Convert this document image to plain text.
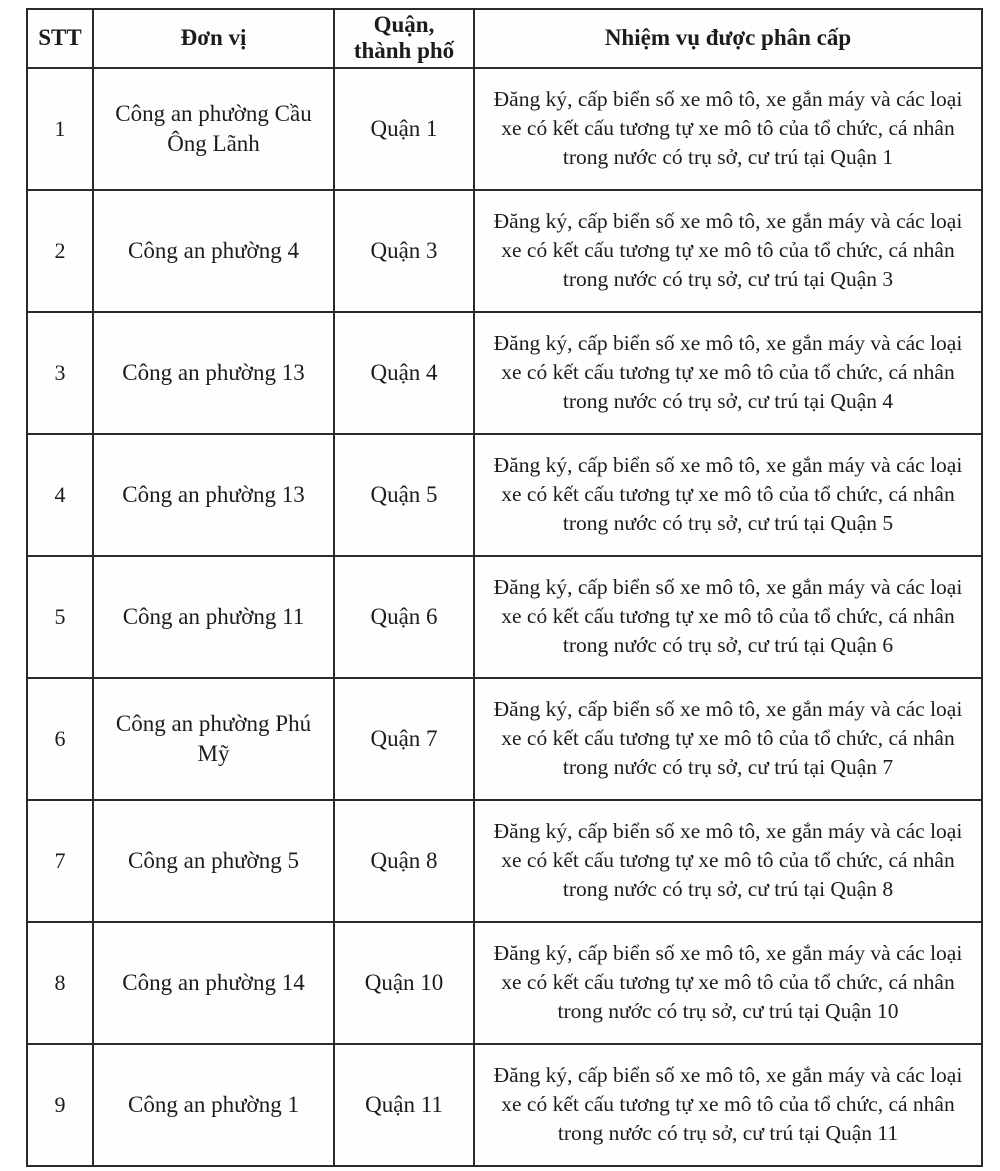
STT	Đơn vị	Quận, thành phố	Nhiệm vụ được phân cấp
1	Công an phường Cầu Ông Lãnh	Quận 1	Đăng ký, cấp biển số xe mô tô, xe gắn máy và các loại xe có kết cấu tương tự xe mô tô của tổ chức, cá nhân trong nước có trụ sở, cư trú tại Quận 1
2	Công an phường 4	Quận 3	Đăng ký, cấp biển số xe mô tô, xe gắn máy và các loại xe có kết cấu tương tự xe mô tô của tổ chức, cá nhân trong nước có trụ sở, cư trú tại Quận 3
3	Công an phường 13	Quận 4	Đăng ký, cấp biển số xe mô tô, xe gắn máy và các loại xe có kết cấu tương tự xe mô tô của tổ chức, cá nhân trong nước có trụ sở, cư trú tại Quận 4
4	Công an phường 13	Quận 5	Đăng ký, cấp biển số xe mô tô, xe gắn máy và các loại xe có kết cấu tương tự xe mô tô của tổ chức, cá nhân trong nước có trụ sở, cư trú tại Quận 5
5	Công an phường 11	Quận 6	Đăng ký, cấp biển số xe mô tô, xe gắn máy và các loại xe có kết cấu tương tự xe mô tô của tổ chức, cá nhân trong nước có trụ sở, cư trú tại Quận 6
6	Công an phường Phú Mỹ	Quận 7	Đăng ký, cấp biển số xe mô tô, xe gắn máy và các loại xe có kết cấu tương tự xe mô tô của tổ chức, cá nhân trong nước có trụ sở, cư trú tại Quận 7
7	Công an phường 5	Quận 8	Đăng ký, cấp biển số xe mô tô, xe gắn máy và các loại xe có kết cấu tương tự xe mô tô của tổ chức, cá nhân trong nước có trụ sở, cư trú tại Quận 8
8	Công an phường 14	Quận 10	Đăng ký, cấp biển số xe mô tô, xe gắn máy và các loại xe có kết cấu tương tự xe mô tô của tổ chức, cá nhân trong nước có trụ sở, cư trú tại Quận 10
9	Công an phường 1	Quận 11	Đăng ký, cấp biển số xe mô tô, xe gắn máy và các loại xe có kết cấu tương tự xe mô tô của tổ chức, cá nhân trong nước có trụ sở, cư trú tại Quận 11
